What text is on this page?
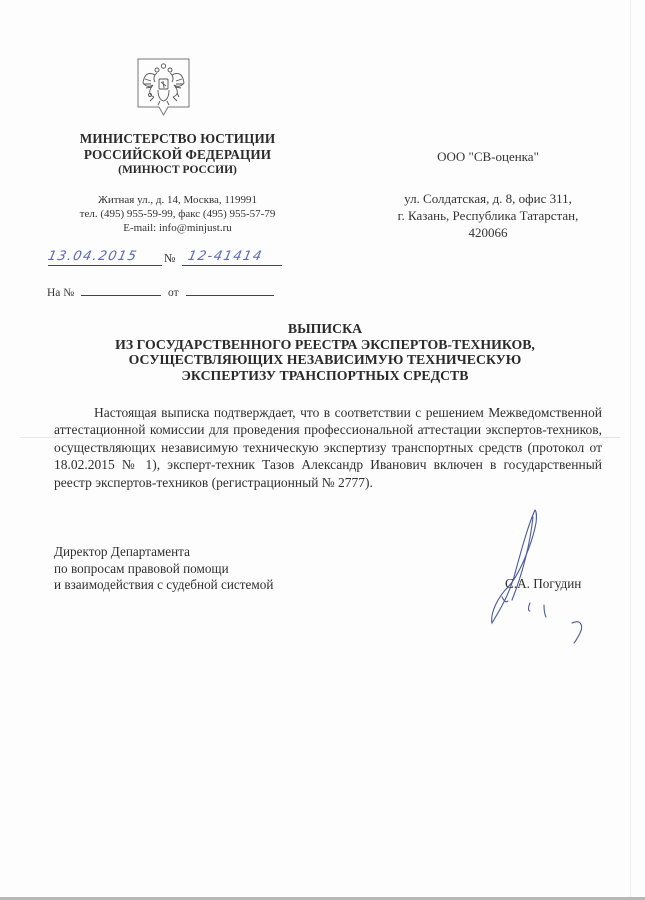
МИНИСТЕРСТВО ЮСТИЦИИ
РОССИЙСКОЙ ФЕДЕРАЦИИ
(МИНЮСТ РОССИИ)
Житная ул., д. 14, Москва, 119991
тел. (495) 955-59-99, факс (495) 955-57-79
E-mail: info@minjust.ru
13.04.2015	№ 12-41414
На №	от
ООО "СВ-оценка"
ул. Солдатская, д. 8, офис 311,
г. Казань, Республика Татарстан,
420066
ВЫПИСКА
ИЗ ГОСУДАРСТВЕННОГО РЕЕСТРА ЭКСПЕРТОВ-ТЕХНИКОВ,
ОСУЩЕСТВЛЯЮЩИХ НЕЗАВИСИМУЮ ТЕХНИЧЕСКУЮ
ЭКСПЕРТИЗУ ТРАНСПОРТНЫХ СРЕДСТВ
Настоящая выписка подтверждает, что в соответствии с решением Межведомственной аттестационной комиссии для проведения профессиональной аттестации экспертов-техников, осуществляющих независимую техническую экспертизу транспортных средств (протокол от 18.02.2015 № 1), эксперт-техник Тазов Александр Иванович включен в государственный реестр экспертов-техников (регистрационный № 2777).
Директор Департамента
по вопросам правовой помощи
и взаимодействия с судебной системой	С.А. Погудин
